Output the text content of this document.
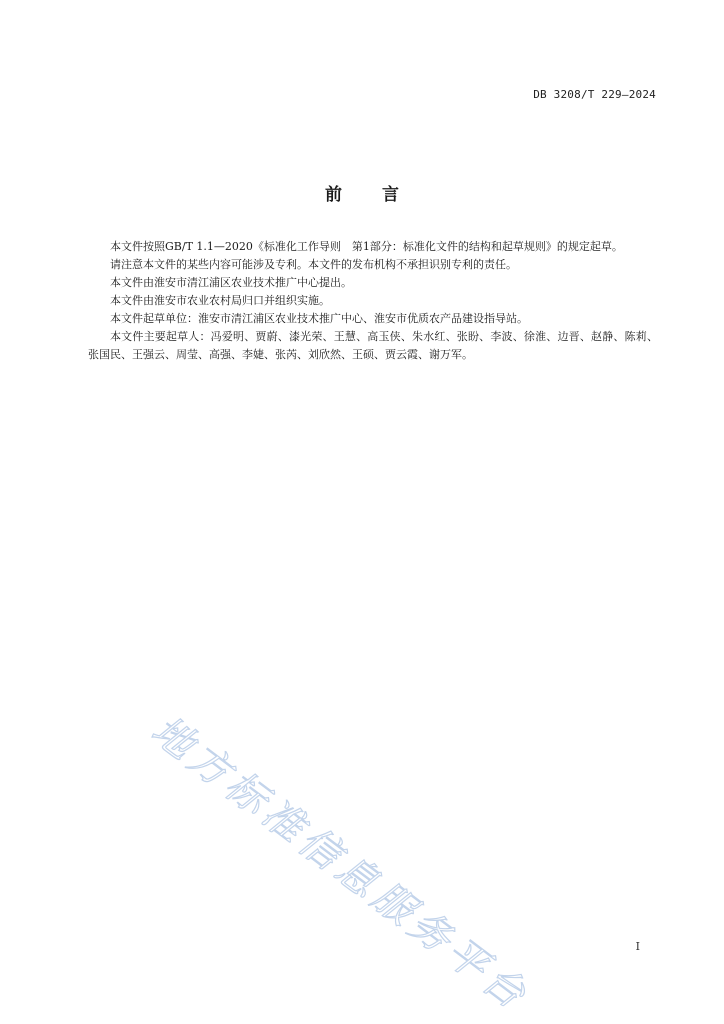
DB 3208/T 229—2024
前 言

本文件按照GB/T 1.1—2020《标准化工作导则　第1部分：标准化文件的结构和起草规则》的规定起草。

请注意本文件的某些内容可能涉及专利。本文件的发布机构不承担识别专利的责任。

本文件由淮安市清江浦区农业技术推广中心提出。

本文件由淮安市农业农村局归口并组织实施。

本文件起草单位：淮安市清江浦区农业技术推广中心、淮安市优质农产品建设指导站。

本文件主要起草人：冯爱明、贾蔚、漆光荣、王慧、高玉侠、朱水红、张盼、李波、徐淮、边晋、赵静、陈莉、张国民、王强云、周莹、高强、李婕、张芮、刘欣然、王硕、贾云霞、谢万军。

地方标准信息服务平台	I
